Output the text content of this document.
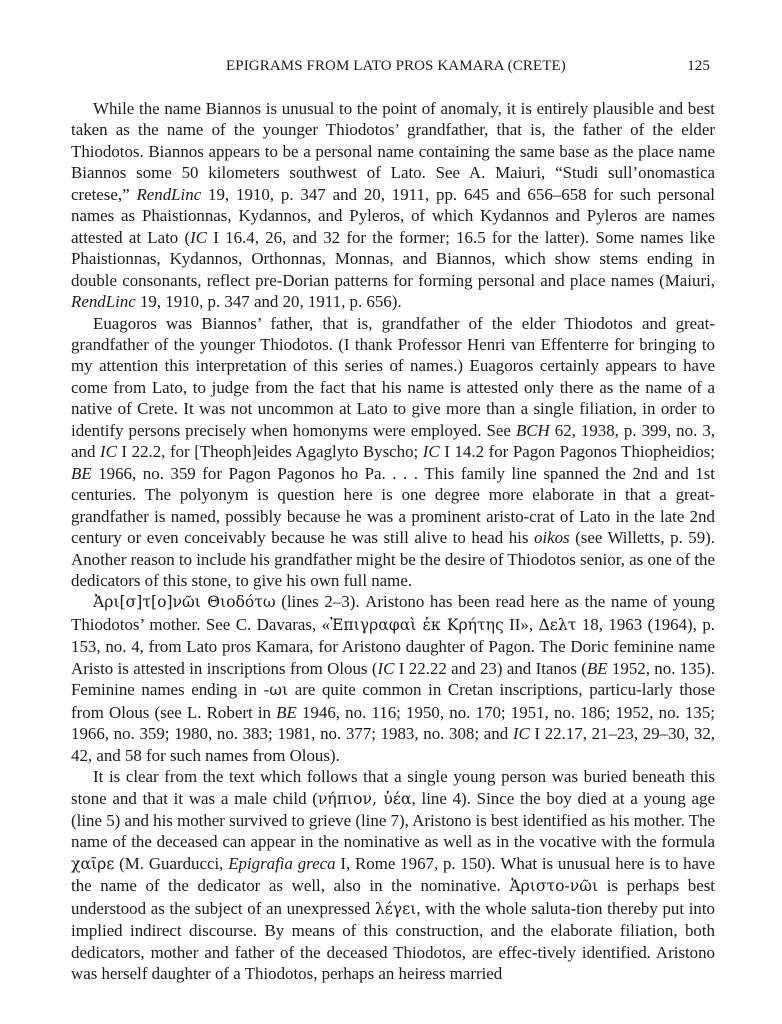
EPIGRAMS FROM LATO PROS KAMARA (CRETE)	125

While the name Biannos is unusual to the point of anomaly, it is entirely plausible and best taken as the name of the younger Thiodotos’ grandfather, that is, the father of the elder Thiodotos. Biannos appears to be a personal name containing the same base as the place name Biannos some 50 kilometers southwest of Lato. See A. Maiuri, “Studi sull’onomastica cretese,” RendLinc 19, 1910, p. 347 and 20, 1911, pp. 645 and 656–658 for such personal names as Phaistionnas, Kydannos, and Pyleros, of which Kydannos and Pyleros are names attested at Lato (IC I 16.4, 26, and 32 for the former; 16.5 for the latter). Some names like Phaistionnas, Kydannos, Orthonnas, Monnas, and Biannos, which show stems ending in double consonants, reflect pre-Dorian patterns for forming personal and place names (Maiuri, RendLinc 19, 1910, p. 347 and 20, 1911, p. 656).

Euagoros was Biannos’ father, that is, grandfather of the elder Thiodotos and great-grandfather of the younger Thiodotos. (I thank Professor Henri van Effenterre for bringing to my attention this interpretation of this series of names.) Euagoros certainly appears to have come from Lato, to judge from the fact that his name is attested only there as the name of a native of Crete. It was not uncommon at Lato to give more than a single filiation, in order to identify persons precisely when homonyms were employed. See BCH 62, 1938, p. 399, no. 3, and IC I 22.2, for [Theoph]eides Agaglyto Byscho; IC I 14.2 for Pagon Pagonos Thiopheidios; BE 1966, no. 359 for Pagon Pagonos ho Pa. . . . This family line spanned the 2nd and 1st centuries. The polyonym is question here is one degree more elaborate in that a great-grandfather is named, possibly because he was a prominent aristo-crat of Lato in the late 2nd century or even conceivably because he was still alive to head his oikos (see Willetts, p. 59). Another reason to include his grandfather might be the desire of Thiodotos senior, as one of the dedicators of this stone, to give his own full name.

Ἀρι[σ]τ[ο]νῶι Θιοδότω (lines 2–3). Aristono has been read here as the name of young Thiodotos’ mother. See C. Davaras, «Ἐπιγραφαὶ ἐκ Κρήτης II», Δελτ 18, 1963 (1964), p. 153, no. 4, from Lato pros Kamara, for Aristono daughter of Pagon. The Doric feminine name Aristo is attested in inscriptions from Olous (IC I 22.22 and 23) and Itanos (BE 1952, no. 135). Feminine names ending in -ωι are quite common in Cretan inscriptions, particu-larly those from Olous (see L. Robert in BE 1946, no. 116; 1950, no. 170; 1951, no. 186; 1952, no. 135; 1966, no. 359; 1980, no. 383; 1981, no. 377; 1983, no. 308; and IC I 22.17, 21–23, 29–30, 32, 42, and 58 for such names from Olous).

It is clear from the text which follows that a single young person was buried beneath this stone and that it was a male child (νήπιον, ὑέα, line 4). Since the boy died at a young age (line 5) and his mother survived to grieve (line 7), Aristono is best identified as his mother. The name of the deceased can appear in the nominative as well as in the vocative with the formula χαῖρε (M. Guarducci, Epigrafia greca I, Rome 1967, p. 150). What is unusual here is to have the name of the dedicator as well, also in the nominative. Ἀριστο-νῶι is perhaps best understood as the subject of an unexpressed λέγει, with the whole saluta-tion thereby put into implied indirect discourse. By means of this construction, and the elaborate filiation, both dedicators, mother and father of the deceased Thiodotos, are effec-tively identified. Aristono was herself daughter of a Thiodotos, perhaps an heiress married
